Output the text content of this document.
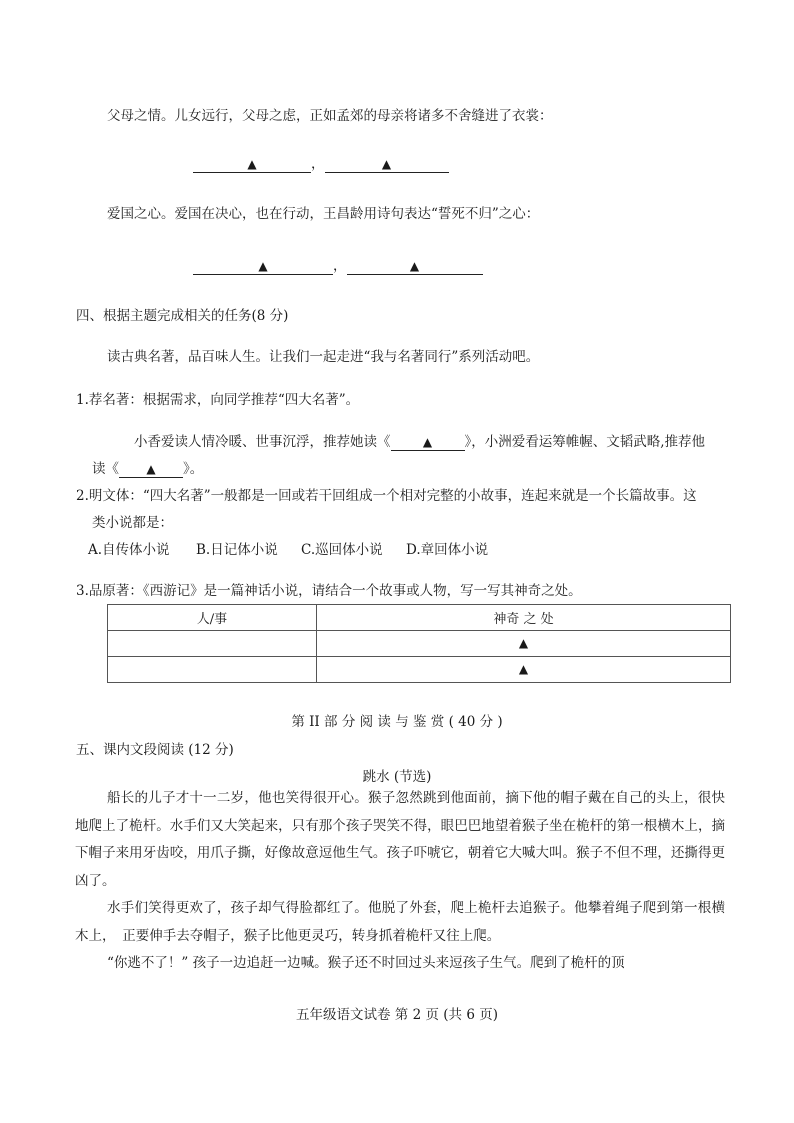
父母之情。儿女远行，父母之虑，正如孟郊的母亲将诸多不舍缝进了衣裳：
▲	，	▲
爱国之心。爱国在决心，也在行动，王昌龄用诗句表达“誓死不归”之心：
▲	，	▲
四、根据主题完成相关的任务(8 分)
读古典名著，品百味人生。让我们一起走进“我与名著同行”系列活动吧。
1.荐名著：根据需求，向同学推荐“四大名著”。
小香爱读人情冷暖、世事沉浮，推荐她读《	▲ 》，小洲爱看运筹帷幄、文韬武略,推荐他
读《 ▲ 》。
2.明文体：“四大名著”一般都是一回或若干回组成一个相对完整的小故事，连起来就是一个长篇故事。这
类小说都是：
A.自传体小说 B.日记体小说 C.巡回体小说 D.章回体小说
3.品原著：《西游记》是一篇神话小说，请结合一个故事或人物，写一写其神奇之处。
人/事	神奇 之 处
	▲
	▲
第 II 部 分 阅 读 与 鉴 赏 ( 40 分 )
五、课内文段阅读 (12 分)
跳水 (节选)
船长的儿子才十一二岁，他也笑得很开心。猴子忽然跳到他面前，摘下他的帽子戴在自己的头上，很快地爬上了桅杆。水手们又大笑起来，只有那个孩子哭笑不得，眼巴巴地望着猴子坐在桅杆的第一根横木上，摘下帽子来用牙齿咬，用爪子撕，好像故意逗他生气。孩子吓唬它，朝着它大喊大叫。猴子不但不理，还撕得更凶了。
水手们笑得更欢了，孩子却气得脸都红了。他脱了外套，爬上桅杆去追猴子。他攀着绳子爬到第一根横木上，　正要伸手去夺帽子，猴子比他更灵巧，转身抓着桅杆又往上爬。
“你逃不了！” 孩子一边追赶一边喊。猴子还不时回过头来逗孩子生气。爬到了桅杆的顶
五年级语文试卷 第 2 页 (共 6 页)
